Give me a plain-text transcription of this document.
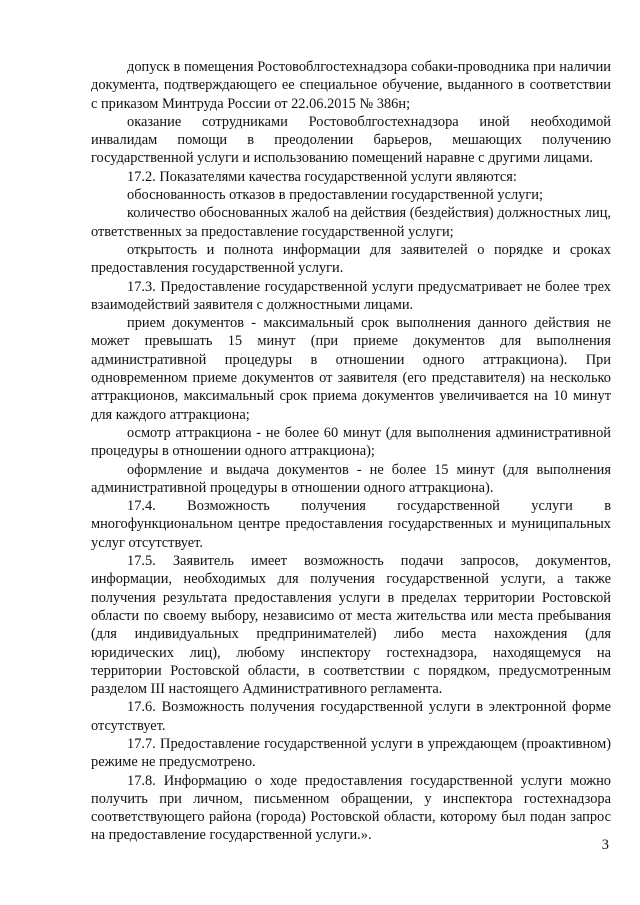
допуск в помещения Ростовоблгостехнадзора собаки-проводника при наличии документа, подтверждающего ее специальное обучение, выданного в соответствии с приказом Минтруда России от 22.06.2015 № 386н;

оказание сотрудниками Ростовоблгостехнадзора иной необходимой инвалидам помощи в преодолении барьеров, мешающих получению государственной услуги и использованию помещений наравне с другими лицами.

17.2. Показателями качества государственной услуги являются:

обоснованность отказов в предоставлении государственной услуги;

количество обоснованных жалоб на действия (бездействия) должностных лиц, ответственных за предоставление государственной услуги;

открытость и полнота информации для заявителей о порядке и сроках предоставления государственной услуги.

17.3. Предоставление государственной услуги предусматривает не более трех взаимодействий заявителя с должностными лицами.

прием документов - максимальный срок выполнения данного действия не может превышать 15 минут (при приеме документов для выполнения административной процедуры в отношении одного аттракциона). При одновременном приеме документов от заявителя (его представителя) на несколько аттракционов, максимальный срок приема документов увеличивается на 10 минут для каждого аттракциона;

осмотр аттракциона - не более 60 минут (для выполнения административной процедуры в отношении одного аттракциона);

оформление и выдача документов - не более 15 минут (для выполнения административной процедуры в отношении одного аттракциона).

17.4. Возможность получения государственной услуги в многофункциональном центре предоставления государственных и муниципальных услуг отсутствует.

17.5. Заявитель имеет возможность подачи запросов, документов, информации, необходимых для получения государственной услуги, а также получения результата предоставления услуги в пределах территории Ростовской области по своему выбору, независимо от места жительства или места пребывания (для индивидуальных предпринимателей) либо места нахождения (для юридических лиц), любому инспектору гостехнадзора, находящемуся на территории Ростовской области, в соответствии с порядком, предусмотренным разделом III настоящего Административного регламента.

17.6. Возможность получения государственной услуги в электронной форме отсутствует.

17.7. Предоставление государственной услуги в упреждающем (проактивном) режиме не предусмотрено.

17.8. Информацию о ходе предоставления государственной услуги можно получить при личном, письменном обращении, у инспектора гостехнадзора соответствующего района (города) Ростовской области, которому был подан запрос на предоставление государственной услуги.».

3
